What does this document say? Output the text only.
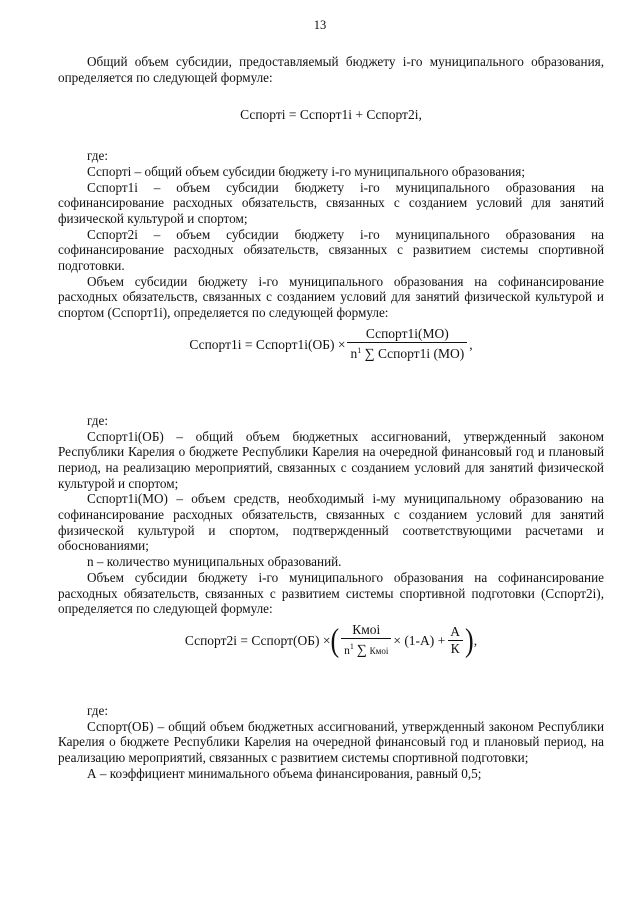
13

Общий объем субсидии, предоставляемый бюджету i-го муниципального образования, определяется по следующей формуле:

Сспортi = Сспорт1i + Сспорт2i,

где:

Сспортi – общий объем субсидии бюджету i-го муниципального образования;

Сспорт1i – объем субсидии бюджету i-го муниципального образования на софинансирование расходных обязательств, связанных с созданием условий для занятий физической культурой и спортом;

Сспорт2i – объем субсидии бюджету i-го муниципального образования на софинансирование расходных обязательств, связанных с развитием системы спортивной подготовки.

Объем субсидии бюджету i-го муниципального образования на софинансирование расходных обязательств, связанных с созданием условий для занятий физической культурой и спортом (Сспорт1i), определяется по следующей формуле:

Сспорт1i = Сспорт1i(ОБ) × $\frac{\text{Сспорт1i(МО)}}{n^1 \sum Сспорт1i (МО)}$ ,

где:

Сспорт1i(ОБ) – общий объем бюджетных ассигнований, утвержденный законом Республики Карелия о бюджете Республики Карелия на очередной финансовый год и плановый период, на реализацию мероприятий, связанных с созданием условий для занятий физической культурой и спортом;

Сспорт1i(МО) – объем средств, необходимый i-му муниципальному образованию на софинансирование расходных обязательств, связанных с созданием условий для занятий физической культурой и спортом, подтвержденный соответствующими расчетами и обоснованиями;

n – количество муниципальных образований.

Объем субсидии бюджету i-го муниципального образования на софинансирование расходных обязательств, связанных с развитием системы спортивной подготовки (Сспорт2i), определяется по следующей формуле:

Сспорт2i = Сспорт(ОБ) × ( $\frac{\text{Кмоi}}{n^1 \sum Кмоi} \times (1-А) + \frac{А}{К}$ ) ,

где:

Сспорт(ОБ) – общий объем бюджетных ассигнований, утвержденный законом Республики Карелия о бюджете Республики Карелия на очередной финансовый год и плановый период, на реализацию мероприятий, связанных с развитием системы спортивной подготовки;

А – коэффициент минимального объема финансирования, равный 0,5;
